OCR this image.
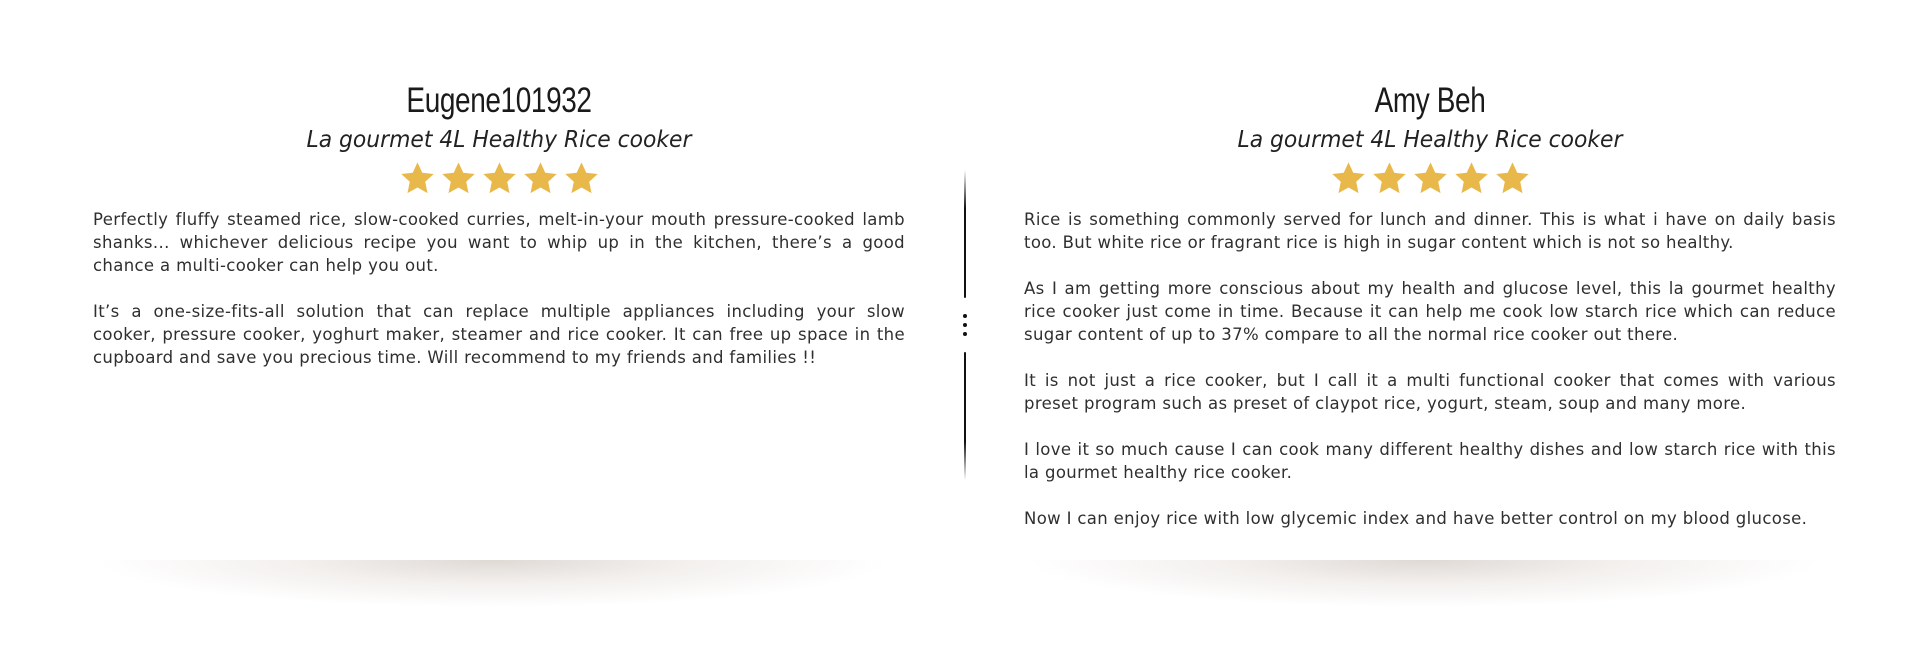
Eugene101932
La gourmet 4L Healthy Rice cooker

Perfectly fluffy steamed rice, slow-cooked curries, melt-in-your mouth pressure-cooked lamb shanks... whichever delicious recipe you want to whip up in the kitchen, there’s a good chance a multi-cooker can help you out.

It’s a one-size-fits-all solution that can replace multiple appliances including your slow cooker, pressure cooker, yoghurt maker, steamer and rice cooker. It can free up space in the cupboard and save you precious time. Will recommend to my friends and families !!

Amy Beh
La gourmet 4L Healthy Rice cooker

Rice is something commonly served for lunch and dinner. This is what i have on daily basis too. But white rice or fragrant rice is high in sugar content which is not so healthy.

As I am getting more conscious about my health and glucose level, this la gourmet healthy rice cooker just come in time. Because it can help me cook low starch rice which can reduce sugar content of up to 37% compare to all the normal rice cooker out there.

It is not just a rice cooker, but I call it a multi functional cooker that comes with various preset program such as preset of claypot rice, yogurt, steam, soup and many more.

I love it so much cause I can cook many different healthy dishes and low starch rice with this la gourmet healthy rice cooker.

Now I can enjoy rice with low glycemic index and have better control on my blood glucose.
